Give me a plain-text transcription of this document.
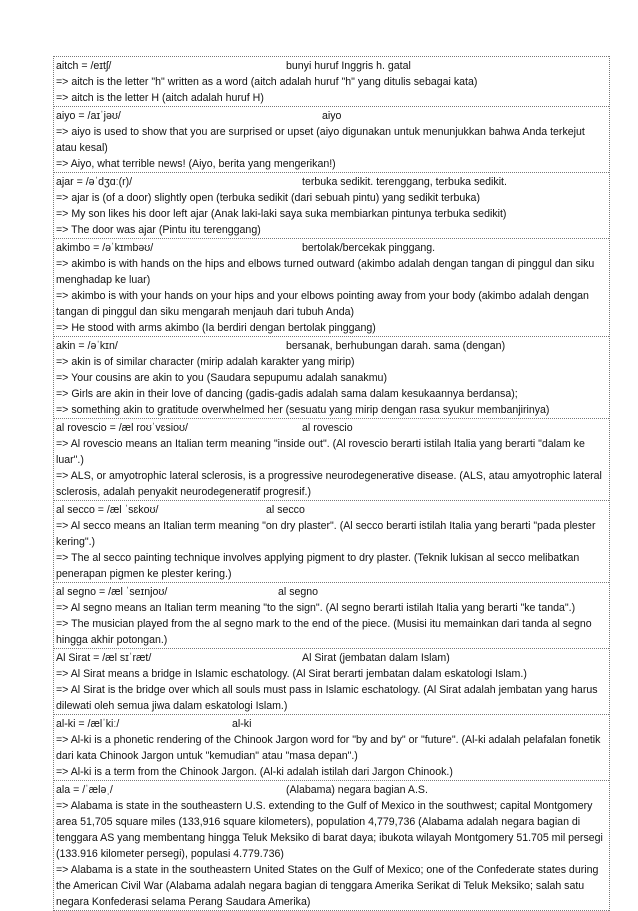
aitch = /eɪtʃ/	bunyi huruf Inggris h. gatal
=> aitch is the letter "h" written as a word (aitch adalah huruf "h" yang ditulis sebagai kata)
=> aitch is the letter H (aitch adalah huruf H)
aiyo = /aɪˈjəʊ/	aiyo
=> aiyo is used to show that you are surprised or upset (aiyo digunakan untuk menunjukkan bahwa Anda terkejut atau kesal)
=> Aiyo, what terrible news! (Aiyo, berita yang mengerikan!)
ajar = /əˈdʒɑː(r)/	terbuka sedikit. terenggang, terbuka sedikit.
=> ajar is (of a door) slightly open (terbuka sedikit (dari sebuah pintu) yang sedikit terbuka)
=> My son likes his door left ajar (Anak laki-laki saya suka membiarkan pintunya terbuka sedikit)
=> The door was ajar (Pintu itu terenggang)
akimbo = /əˈkɪmbəʊ/	bertolak/bercekak pinggang.
=> akimbo is with hands on the hips and elbows turned outward (akimbo adalah dengan tangan di pinggul dan siku menghadap ke luar)
=> akimbo is with your hands on your hips and your elbows pointing away from your body (akimbo adalah dengan tangan di pinggul dan siku mengarah menjauh dari tubuh Anda)
=> He stood with arms akimbo (Ia berdiri dengan bertolak pinggang)
akin = /əˈkɪn/	bersanak, berhubungan darah. sama (dengan)
=> akin is of similar character (mirip adalah karakter yang mirip)
=> Your cousins are akin to you (Saudara sepupumu adalah sanakmu)
=> Girls are akin in their love of dancing (gadis-gadis adalah sama dalam kesukaannya berdansa);
=> something akin to gratitude overwhelmed her (sesuatu yang mirip dengan rasa syukur membanjirinya)
al rovescio = /æl roʊˈvɛsioʊ/	al rovescio
=> Al rovescio means an Italian term meaning "inside out". (Al rovescio berarti istilah Italia yang berarti "dalam ke luar".)
=> ALS, or amyotrophic lateral sclerosis, is a progressive neurodegenerative disease. (ALS, atau amyotrophic lateral sclerosis, adalah penyakit neurodegeneratif progresif.)
al secco = /æl ˈsɛkoʊ/	al secco
=> Al secco means an Italian term meaning "on dry plaster". (Al secco berarti istilah Italia yang berarti "pada plester kering".)
=> The al secco painting technique involves applying pigment to dry plaster. (Teknik lukisan al secco melibatkan penerapan pigmen ke plester kering.)
al segno = /æl ˈseɪnjoʊ/	al segno
=> Al segno means an Italian term meaning "to the sign". (Al segno berarti istilah Italia yang berarti "ke tanda".)
=> The musician played from the al segno mark to the end of the piece. (Musisi itu memainkan dari tanda al segno hingga akhir potongan.)
Al Sirat = /æl sɪˈræt/	Al Sirat (jembatan dalam Islam)
=> Al Sirat means a bridge in Islamic eschatology. (Al Sirat berarti jembatan dalam eskatologi Islam.)
=> Al Sirat is the bridge over which all souls must pass in Islamic eschatology. (Al Sirat adalah jembatan yang harus dilewati oleh semua jiwa dalam eskatologi Islam.)
al-ki = /ælˈkiː/	al-ki
=> Al-ki is a phonetic rendering of the Chinook Jargon word for "by and by" or "future". (Al-ki adalah pelafalan fonetik dari kata Chinook Jargon untuk "kemudian" atau "masa depan".)
=> Al-ki is a term from the Chinook Jargon. (Al-ki adalah istilah dari Jargon Chinook.)
ala = /ˈæləˌ/	(Alabama) negara bagian A.S.
=> Alabama is state in the southeastern U.S. extending to the Gulf of Mexico in the southwest; capital Montgomery area 51,705 square miles (133,916 square kilometers), population 4,779,736 (Alabama adalah negara bagian di tenggara AS yang membentang hingga Teluk Meksiko di barat daya; ibukota wilayah Montgomery 51.705 mil persegi (133.916 kilometer persegi), populasi 4.779.736)
=> Alabama is a state in the southeastern United States on the Gulf of Mexico; one of the Confederate states during the American Civil War (Alabama adalah negara bagian di tenggara Amerika Serikat di Teluk Meksiko; salah satu negara Konfederasi selama Perang Saudara Amerika)
